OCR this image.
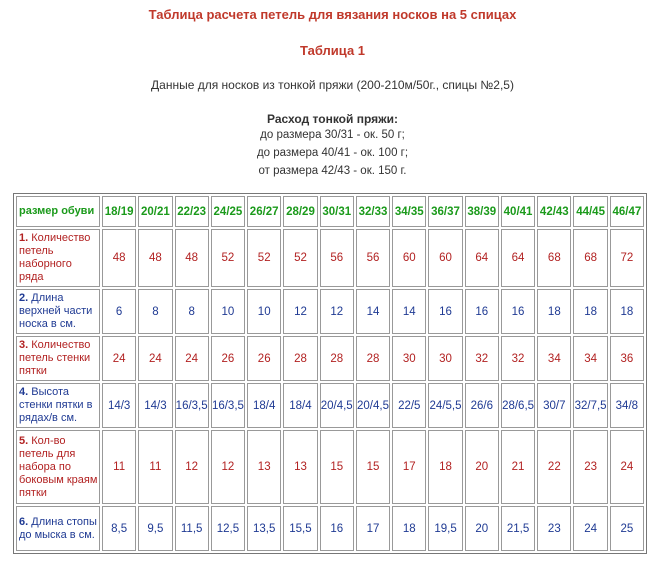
Таблица расчета петель для вязания носков на 5 спицах
Таблица 1
Данные для носков из тонкой пряжи (200-210м/50г., спицы №2,5)
Расход тонкой пряжи:
до размера 30/31 - ок. 50 г;
до размера 40/41 - ок. 100 г;
от размера 42/43 - ок. 150 г.
размер обуви	18/19	20/21	22/23	24/25	26/27	28/29	30/31	32/33	34/35	36/37	38/39	40/41	42/43	44/45	46/47
1. Количество петель наборного ряда	48	48	48	52	52	52	56	56	60	60	64	64	68	68	72
2. Длина верхней части носка в см.	6	8	8	10	10	12	12	14	14	16	16	16	18	18	18
3. Количество петель стенки пятки	24	24	24	26	26	28	28	28	30	30	32	32	34	34	36
4. Высота стенки пятки в рядах/в см.	14/3	14/3	16/3,5	16/3,5	18/4	18/4	20/4,5	20/4,5	22/5	24/5,5	26/6	28/6,5	30/7	32/7,5	34/8
5. Кол-во петель для набора по боковым краям пятки	11	11	12	12	13	13	15	15	17	18	20	21	22	23	24
6. Длина стопы до мыска в см.	8,5	9,5	11,5	12,5	13,5	15,5	16	17	18	19,5	20	21,5	23	24	25
